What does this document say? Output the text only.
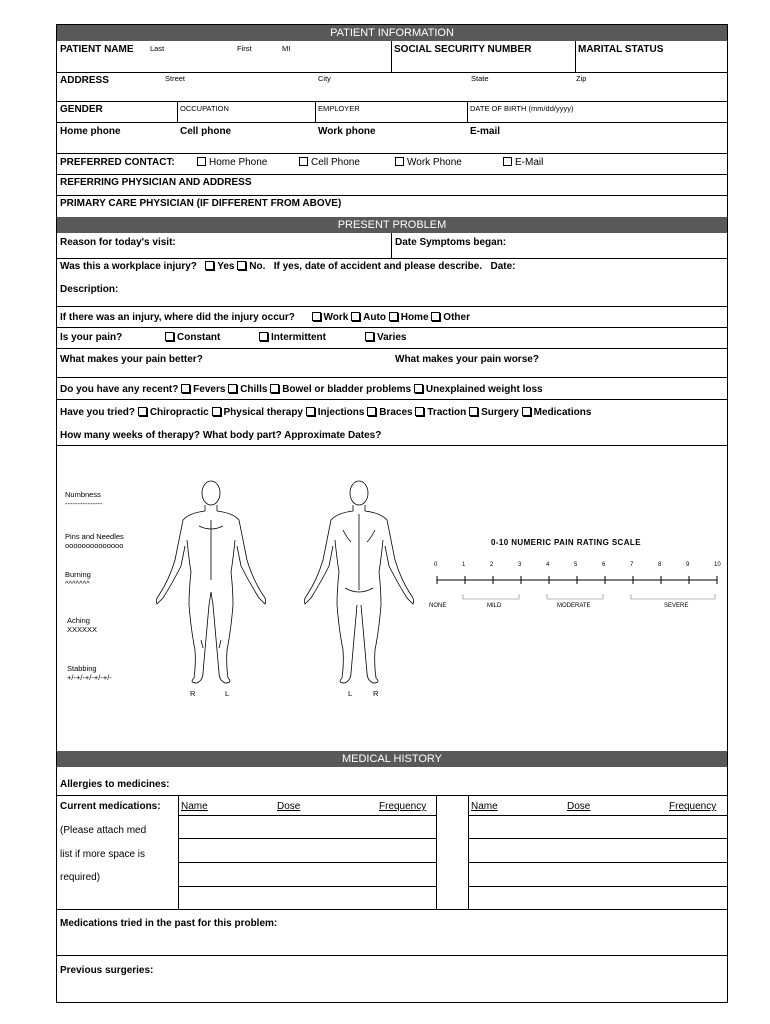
PATIENT INFORMATION
PATIENT NAME Last	First	MI	SOCIAL SECURITY NUMBER	MARITAL STATUS
ADDRESS	Street	City	State	Zip
GENDER	OCCUPATION	EMPLOYER	DATE OF BIRTH (mm/dd/yyyy)
Home phone	Cell phone	Work phone	E-mail
PREFERRED CONTACT:	Home Phone	Cell Phone	Work Phone	E-Mail
REFERRING PHYSICIAN AND ADDRESS
PRIMARY CARE PHYSICIAN (IF DIFFERENT FROM ABOVE)
PRESENT PROBLEM
Reason for today's visit:	Date Symptoms began:
Was this a workplace injury? Yes No. If yes, date of accident and please describe. Date:
Description:
If there was an injury, where did the injury occur?	Work Auto Home Other
Is your pain?	Constant	Intermittent	Varies
What makes your pain better?	What makes your pain worse?
Do you have any recent? Fevers Chills Bowel or bladder problems Unexplained weight loss
Have you tried? Chiropractic Physical therapy Injections Braces Traction Surgery Medications
How many weeks of therapy? What body part? Approximate Dates?
Numbness
---------------
Pins and Needles
oooooooooooooo
Burning
^^^^^^^
Aching
XXXXXX
Stabbing
+/-+/-+/-+/-+/-
R	L	L	R
0-10 NUMERIC PAIN RATING SCALE
0	1	2	3	4	5	6	7	8	9	10
NONE	MILD	MODERATE	SEVERE
MEDICAL HISTORY
Allergies to medicines:
Current medications: Name	Dose	Frequency	Name	Dose	Frequency
(Please attach med
list if more space is
required)
Medications tried in the past for this problem:
Previous surgeries:
